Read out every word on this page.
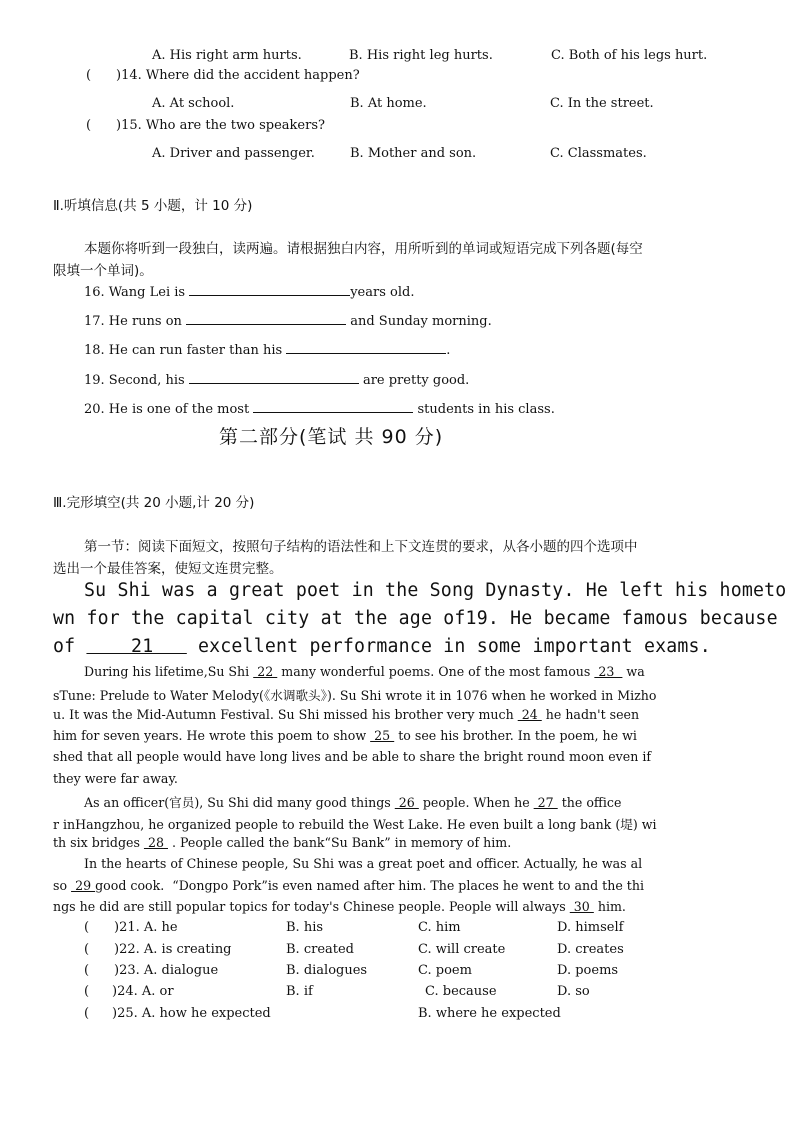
A. His right arm hurts.	B. His right leg hurts.	C. Both of his legs hurt.
( )14. Where did the accident happen?
A. At school.	B. At home.	C. In the street.
( )15. Who are the two speakers?
A. Driver and passenger.	B. Mother and son.	C. Classmates.
Ⅱ.听填信息(共 5 小题，计 10 分)
本题你将听到一段独白，读两遍。请根据独白内容，用所听到的单词或短语完成下列各题(每空
限填一个单词)。
16. Wang Lei is	years old.
17. He runs on	and Sunday morning.
18. He can run faster than his	.
19. Second, his	are pretty good.
20. He is one of the most	students in his class.
第二部分(笔试 共 90 分)
Ⅲ.完形填空(共 20 小题,计 20 分)
第一节：阅读下面短文，按照句子结构的语法性和上下文连贯的要求，从各小题的四个选项中
选出一个最佳答案，使短文连贯完整。
Su Shi was a great poet in the Song Dynasty. He left his hometo
wn for the capital city at the age of19. He became famous because
of     21    excellent performance in some important exams.
During his lifetime,Su Shi  22  many wonderful poems. One of the most famous  23   wa
sTune: Prelude to Water Melody(《水调歌头》). Su Shi wrote it in 1076 when he worked in Mizho
u. It was the Mid-Autumn Festival. Su Shi missed his brother very much  24  he hadn't seen
him for seven years. He wrote this poem to show  25  to see his brother. In the poem, he wi
shed that all people would have long lives and be able to share the bright round moon even if
they were far away.
As an officer(官员), Su Shi did many good things  26  people. When he  27  the office
r inHangzhou, he organized people to rebuild the West Lake. He even built a long bank (堤) wi
th six bridges  28  . People called the bank“Su Bank” in memory of him.
In the hearts of Chinese people, Su Shi was a great poet and officer. Actually, he was al
so  29 good cook.  “Dongpo Pork”is even named after him. The places he went to and the thi
ngs he did are still popular topics for today's Chinese people. People will always  30  him.
( )21. A. he	B. his	C. him	D. himself
( )22. A. is creating	B. created	C. will create	D. creates
( )23. A. dialogue	B. dialogues	C. poem	D. poems
( )24. A. or	B. if	C. because	D. so
( )25. A. how he expected	B. where he expected
